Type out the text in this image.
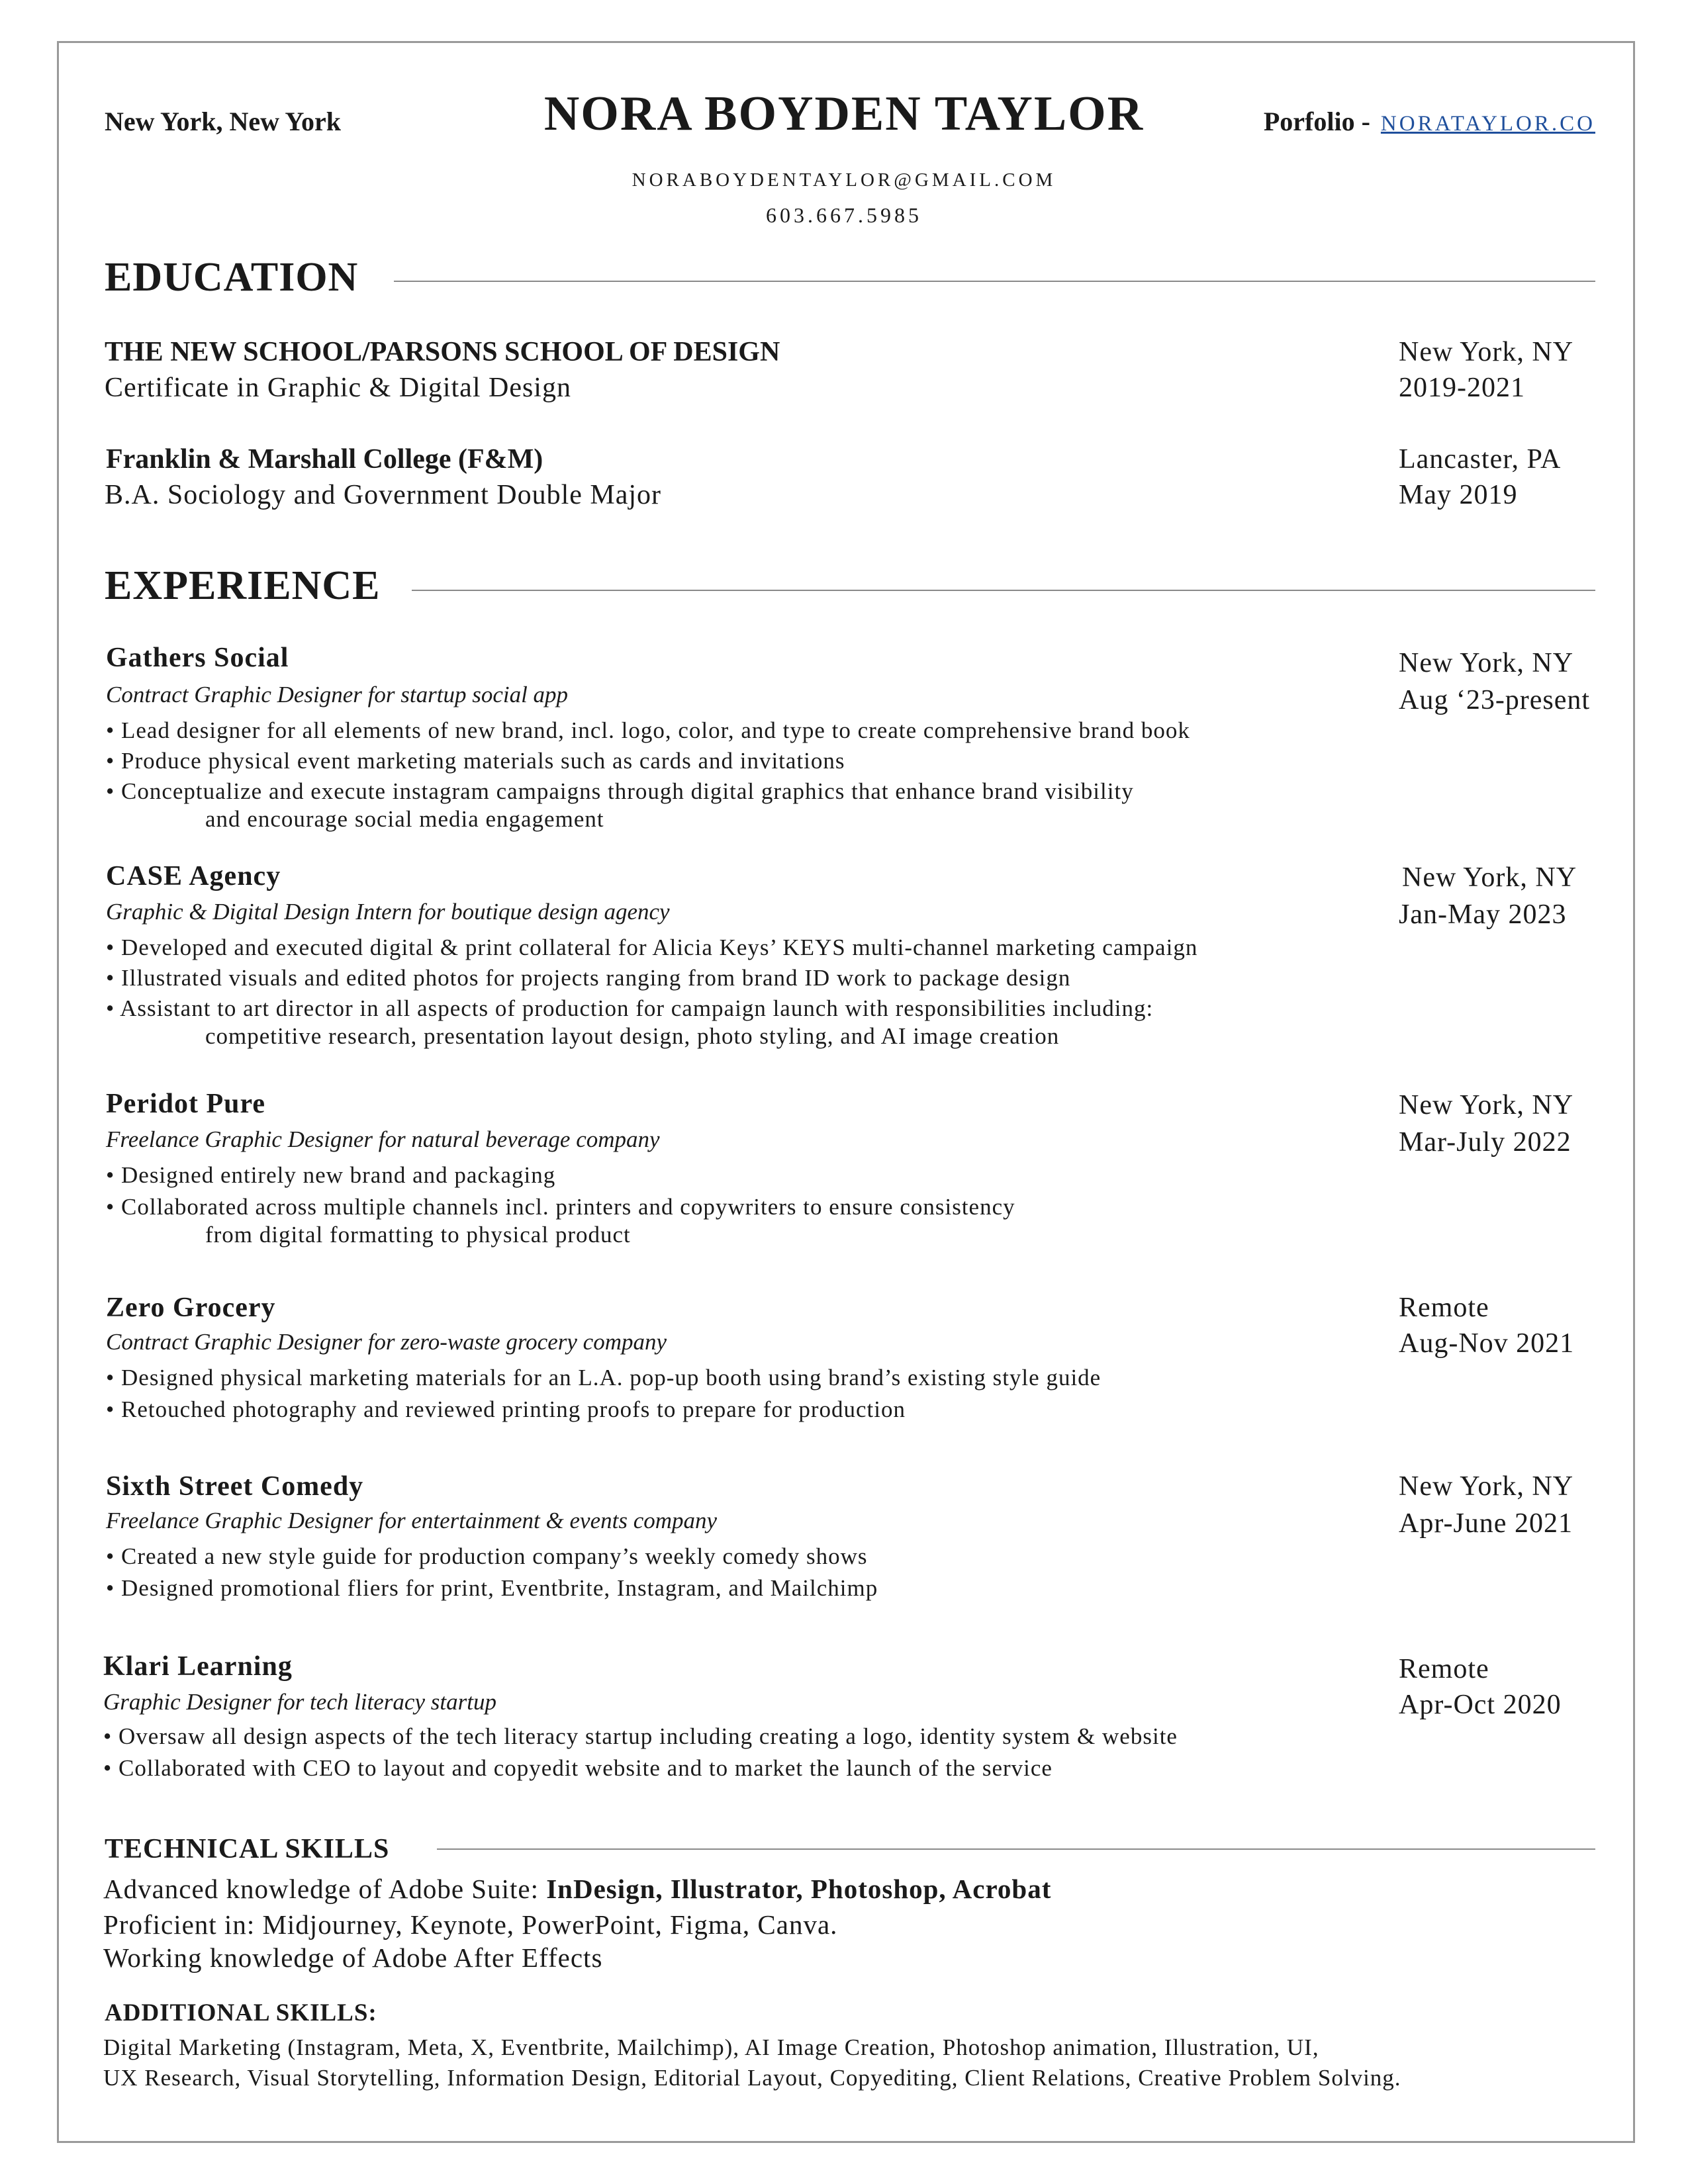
New York, New York	NORA BOYDEN TAYLOR	Porfolio - NORATAYLOR.CO
NORABOYDENTAYLOR@GMAIL.COM
603.667.5985
EDUCATION
THE NEW SCHOOL/PARSONS SCHOOL OF DESIGN
Certificate in Graphic & Digital Design
New York, NY
2019-2021
Franklin & Marshall College (F&M)
B.A. Sociology and Government Double Major
Lancaster, PA
May 2019
EXPERIENCE
Gathers Social
Contract Graphic Designer for startup social app
• Lead designer for all elements of new brand, incl. logo, color, and type to create comprehensive brand book
• Produce physical event marketing materials such as cards and invitations
• Conceptualize and execute instagram campaigns through digital graphics that enhance brand visibility
and encourage social media engagement
New York, NY
Aug ‘23-present
CASE Agency
Graphic & Digital Design Intern for boutique design agency
• Developed and executed digital & print collateral for Alicia Keys’ KEYS multi-channel marketing campaign
• Illustrated visuals and edited photos for projects ranging from brand ID work to package design
• Assistant to art director in all aspects of production for campaign launch with responsibilities including:
competitive research, presentation layout design, photo styling, and AI image creation
New York, NY
Jan-May 2023
Peridot Pure
Freelance Graphic Designer for natural beverage company
• Designed entirely new brand and packaging
• Collaborated across multiple channels incl. printers and copywriters to ensure consistency
from digital formatting to physical product
New York, NY
Mar-July 2022
Zero Grocery
Contract Graphic Designer for zero-waste grocery company
• Designed physical marketing materials for an L.A. pop-up booth using brand’s existing style guide
• Retouched photography and reviewed printing proofs to prepare for production
Remote
Aug-Nov 2021
Sixth Street Comedy
Freelance Graphic Designer for entertainment & events company
• Created a new style guide for production company’s weekly comedy shows
• Designed promotional fliers for print, Eventbrite, Instagram, and Mailchimp
New York, NY
Apr-June 2021
Klari Learning
Graphic Designer for tech literacy startup
• Oversaw all design aspects of the tech literacy startup including creating a logo, identity system & website
• Collaborated with CEO to layout and copyedit website and to market the launch of the service
Remote
Apr-Oct 2020
TECHNICAL SKILLS
Advanced knowledge of Adobe Suite: InDesign, Illustrator, Photoshop, Acrobat
Proficient in: Midjourney, Keynote, PowerPoint, Figma, Canva.
Working knowledge of Adobe After Effects
ADDITIONAL SKILLS:
Digital Marketing (Instagram, Meta, X, Eventbrite, Mailchimp), AI Image Creation, Photoshop animation, Illustration, UI,
UX Research, Visual Storytelling, Information Design, Editorial Layout, Copyediting, Client Relations, Creative Problem Solving.
